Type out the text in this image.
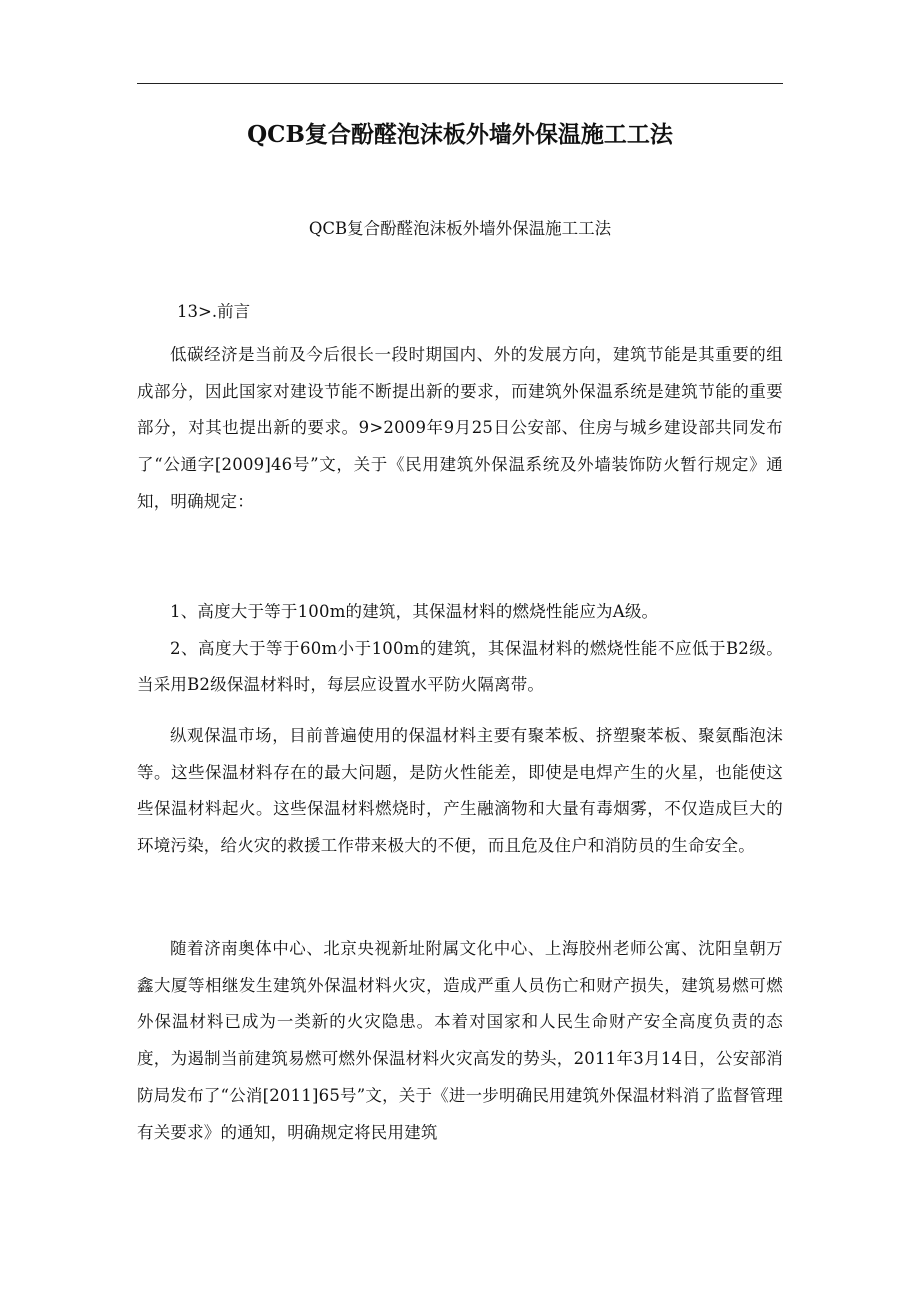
QCB复合酚醛泡沫板外墙外保温施工工法

QCB复合酚醛泡沫板外墙外保温施工工法

13>.前言

低碳经济是当前及今后很长一段时期国内、外的发展方向，建筑节能是其重要的组成部分，因此国家对建设节能不断提出新的要求，而建筑外保温系统是建筑节能的重要部分，对其也提出新的要求。9>2009年9月25日公安部、住房与城乡建设部共同发布了“公通字[2009]46号”文，关于《民用建筑外保温系统及外墙装饰防火暂行规定》通知，明确规定：

1、高度大于等于100m的建筑，其保温材料的燃烧性能应为A级。

2、高度大于等于60m小于100m的建筑，其保温材料的燃烧性能不应低于B2级。当采用B2级保温材料时，每层应设置水平防火隔离带。

纵观保温市场，目前普遍使用的保温材料主要有聚苯板、挤塑聚苯板、聚氨酯泡沫等。这些保温材料存在的最大问题，是防火性能差，即使是电焊产生的火星，也能使这些保温材料起火。这些保温材料燃烧时，产生融滴物和大量有毒烟雾，不仅造成巨大的环境污染，给火灾的救援工作带来极大的不便，而且危及住户和消防员的生命安全。

随着济南奥体中心、北京央视新址附属文化中心、上海胶州老师公寓、沈阳皇朝万鑫大厦等相继发生建筑外保温材料火灾，造成严重人员伤亡和财产损失，建筑易燃可燃外保温材料已成为一类新的火灾隐患。本着对国家和人民生命财产安全高度负责的态度，为遏制当前建筑易燃可燃外保温材料火灾高发的势头，2011年3月14日，公安部消防局发布了“公消[2011]65号”文，关于《进一步明确民用建筑外保温材料消了监督管理有关要求》的通知，明确规定将民用建筑
